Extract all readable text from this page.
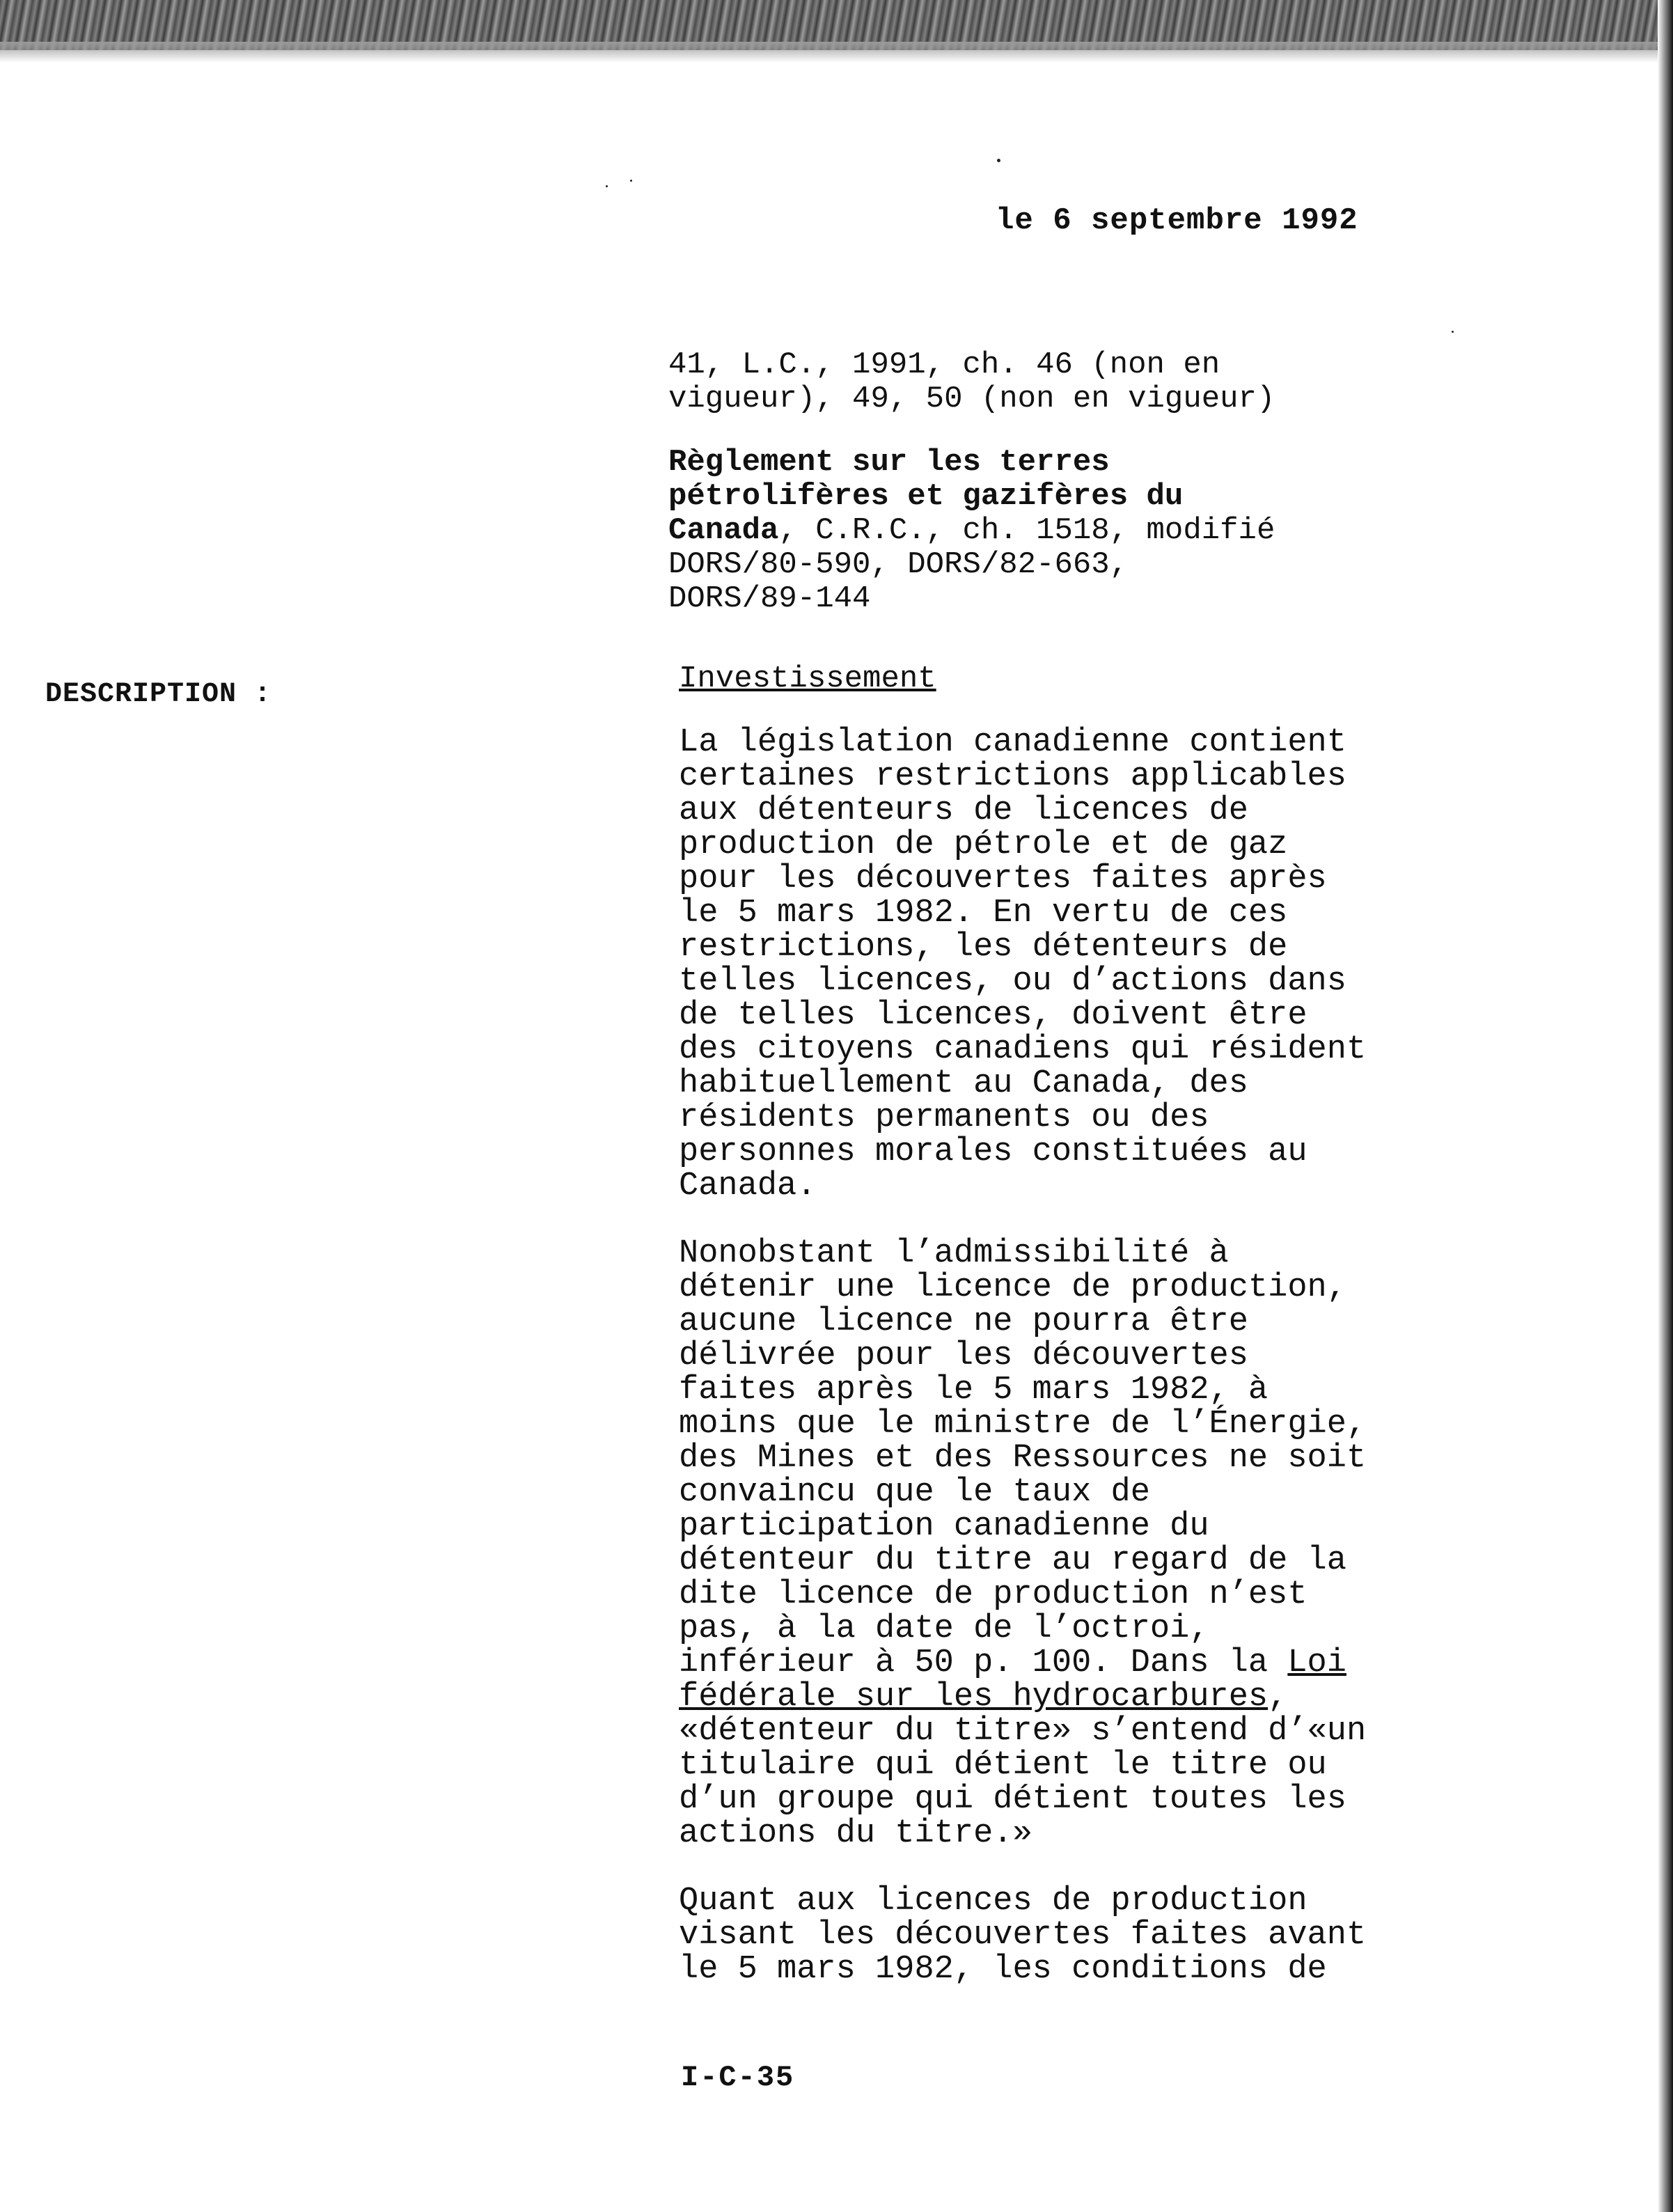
le 6 septembre 1992
41, L.C., 1991, ch. 46 (non en
vigueur), 49, 50 (non en vigueur)
Règlement sur les terres
pétrolifères et gazifères du
Canada, C.R.C., ch. 1518, modifié
DORS/80-590, DORS/82-663,
DORS/89-144
DESCRIPTION :	Investissement
La législation canadienne contient
certaines restrictions applicables
aux détenteurs de licences de
production de pétrole et de gaz
pour les découvertes faites après
le 5 mars 1982. En vertu de ces
restrictions, les détenteurs de
telles licences, ou d’actions dans
de telles licences, doivent être
des citoyens canadiens qui résident
habituellement au Canada, des
résidents permanents ou des
personnes morales constituées au
Canada.
Nonobstant l’admissibilité à
détenir une licence de production,
aucune licence ne pourra être
délivrée pour les découvertes
faites après le 5 mars 1982, à
moins que le ministre de l’Énergie,
des Mines et des Ressources ne soit
convaincu que le taux de
participation canadienne du
détenteur du titre au regard de la
dite licence de production n’est
pas, à la date de l’octroi,
inférieur à 50 p. 100. Dans la Loi
fédérale sur les hydrocarbures,
«détenteur du titre» s’entend d’«un
titulaire qui détient le titre ou
d’un groupe qui détient toutes les
actions du titre.»
Quant aux licences de production
visant les découvertes faites avant
le 5 mars 1982, les conditions de
I-C-35
